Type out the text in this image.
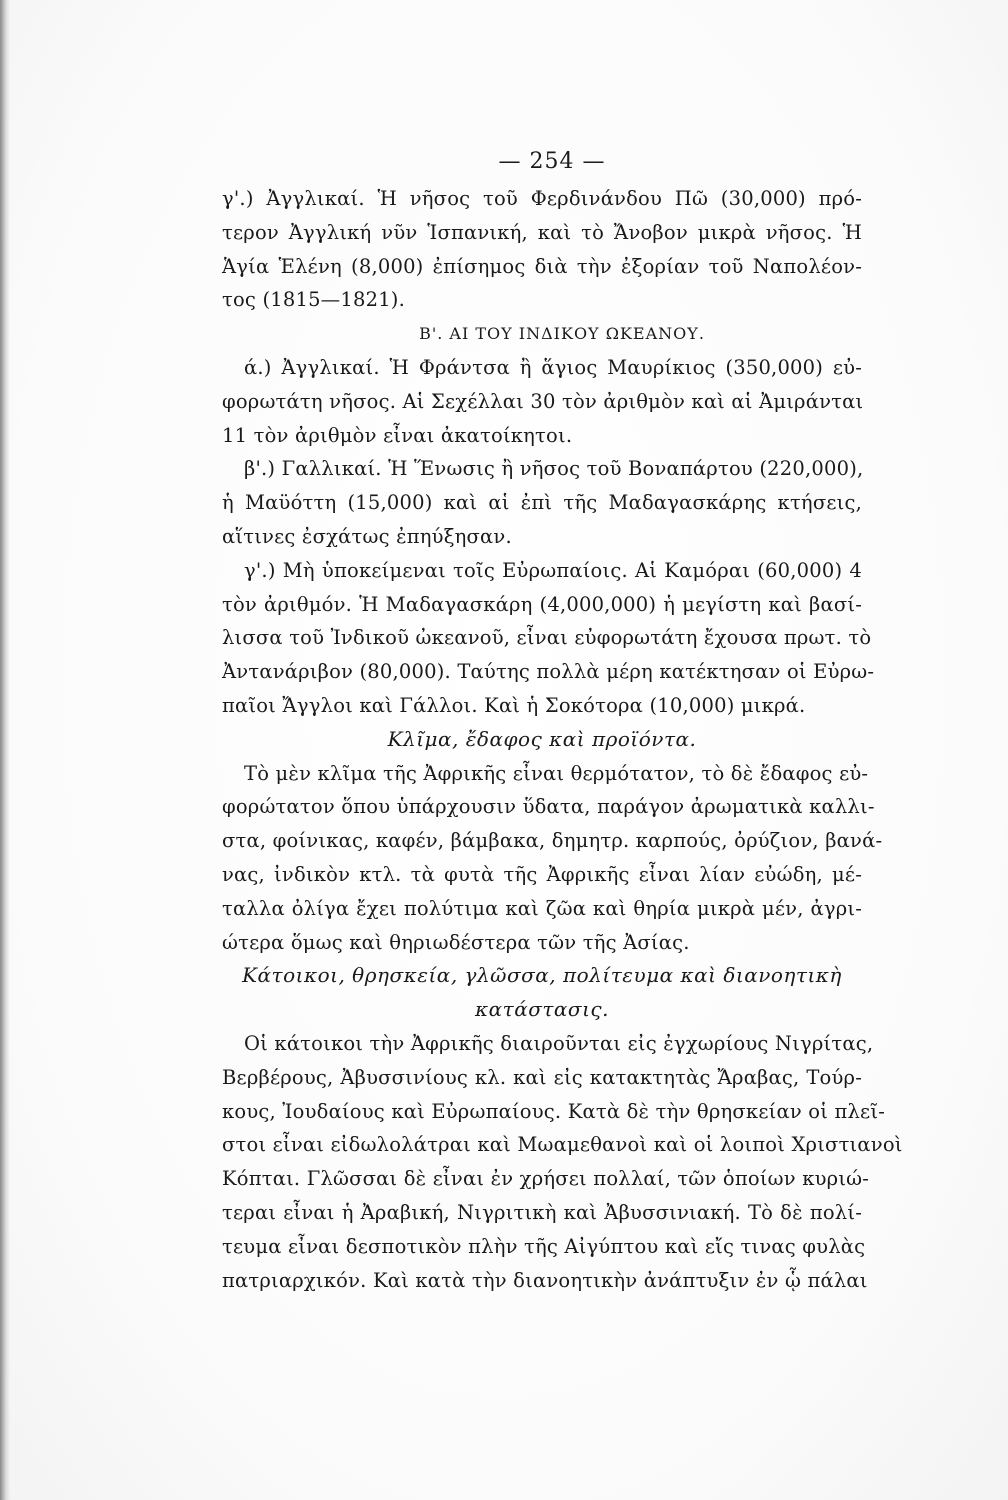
— 254 —
γ'.) Ἀγγλικαί. Ἡ νῆσος τοῦ Φερδινάνδου Πῶ (30,000) πρό-
τερον Ἀγγλική νῦν Ἱσπανική, καὶ τὸ Ἄνοβον μικρὰ νῆσος. Ἡ
Ἁγία Ἑλένη (8,000) ἐπίσημος διὰ τὴν ἐξορίαν τοῦ Ναπολέον-
τος (1815—1821).
Β'. ΑΙ ΤΟΥ ΙΝΔΙΚΟΥ ΩΚΕΑΝΟΥ.
ά.) Ἀγγλικαί. Ἡ Φράντσα ἢ ἅγιος Μαυρίκιος (350,000) εὐ-
φορωτάτη νῆσος. Αἱ Σεχέλλαι 30 τὸν ἀριθμὸν καὶ αἱ Ἀμιράνται
11 τὸν ἀριθμὸν εἶναι ἀκατοίκητοι.
β'.) Γαλλικαί. Ἡ Ἕνωσις ἢ νῆσος τοῦ Βοναπάρτου (220,000),
ἡ Μαϋόττη (15,000) καὶ αἱ ἐπὶ τῆς Μαδαγασκάρης κτήσεις,
αἵτινες ἐσχάτως ἐπηύξησαν.
γ'.) Μὴ ὑποκείμεναι τοῖς Εὐρωπαίοις. Αἱ Καμόραι (60,000) 4
τὸν ἀριθμόν. Ἡ Μαδαγασκάρη (4,000,000) ἡ μεγίστη καὶ βασί-
λισσα τοῦ Ἰνδικοῦ ὠκεανοῦ, εἶναι εὐφορωτάτη ἔχουσα πρωτ. τὸ
Ἀντανάριβον (80,000). Ταύτης πολλὰ μέρη κατέκτησαν οἱ Εὐρω-
παῖοι Ἄγγλοι καὶ Γάλλοι. Καὶ ἡ Σοκότορα (10,000) μικρά.
Κλῖμα, ἔδαφος καὶ προϊόντα.
Τὸ μὲν κλῖμα τῆς Ἀφρικῆς εἶναι θερμότατον, τὸ δὲ ἔδαφος εὐ-
φορώτατον ὅπου ὑπάρχουσιν ὕδατα, παράγον ἀρωματικὰ καλλι-
στα, φοίνικας, καφέν, βάμβακα, δημητρ. καρπούς, ὀρύζιον, βανά-
νας, ἰνδικὸν κτλ. τὰ φυτὰ τῆς Ἀφρικῆς εἶναι λίαν εὐώδη, μέ-
ταλλα ὀλίγα ἔχει πολύτιμα καὶ ζῶα καὶ θηρία μικρὰ μέν, ἀγρι-
ώτερα ὅμως καὶ θηριωδέστερα τῶν τῆς Ἀσίας.
Κάτοικοι, θρησκεία, γλῶσσα, πολίτευμα καὶ διανοητικὴ
κατάστασις.
Οἱ κάτοικοι τὴν Ἀφρικῆς διαιροῦνται εἰς ἐγχωρίους Νιγρίτας,
Βερβέρους, Ἀβυσσινίους κλ. καὶ εἰς κατακτητὰς Ἄραβας, Τούρ-
κους, Ἰουδαίους καὶ Εὐρωπαίους. Κατὰ δὲ τὴν θρησκείαν οἱ πλεῖ-
στοι εἶναι εἰδωλολάτραι καὶ Μωαμεθανοὶ καὶ οἱ λοιποὶ Χριστιανοὶ
Κόπται. Γλῶσσαι δὲ εἶναι ἐν χρήσει πολλαί, τῶν ὁποίων κυριώ-
τεραι εἶναι ἡ Ἀραβική, Νιγριτικὴ καὶ Ἀβυσσινιακή. Τὸ δὲ πολί-
τευμα εἶναι δεσποτικὸν πλὴν τῆς Αἰγύπτου καὶ εἴς τινας φυλὰς
πατριαρχικόν. Καὶ κατὰ τὴν διανοητικὴν ἀνάπτυξιν ἐν ᾧ πάλαι
